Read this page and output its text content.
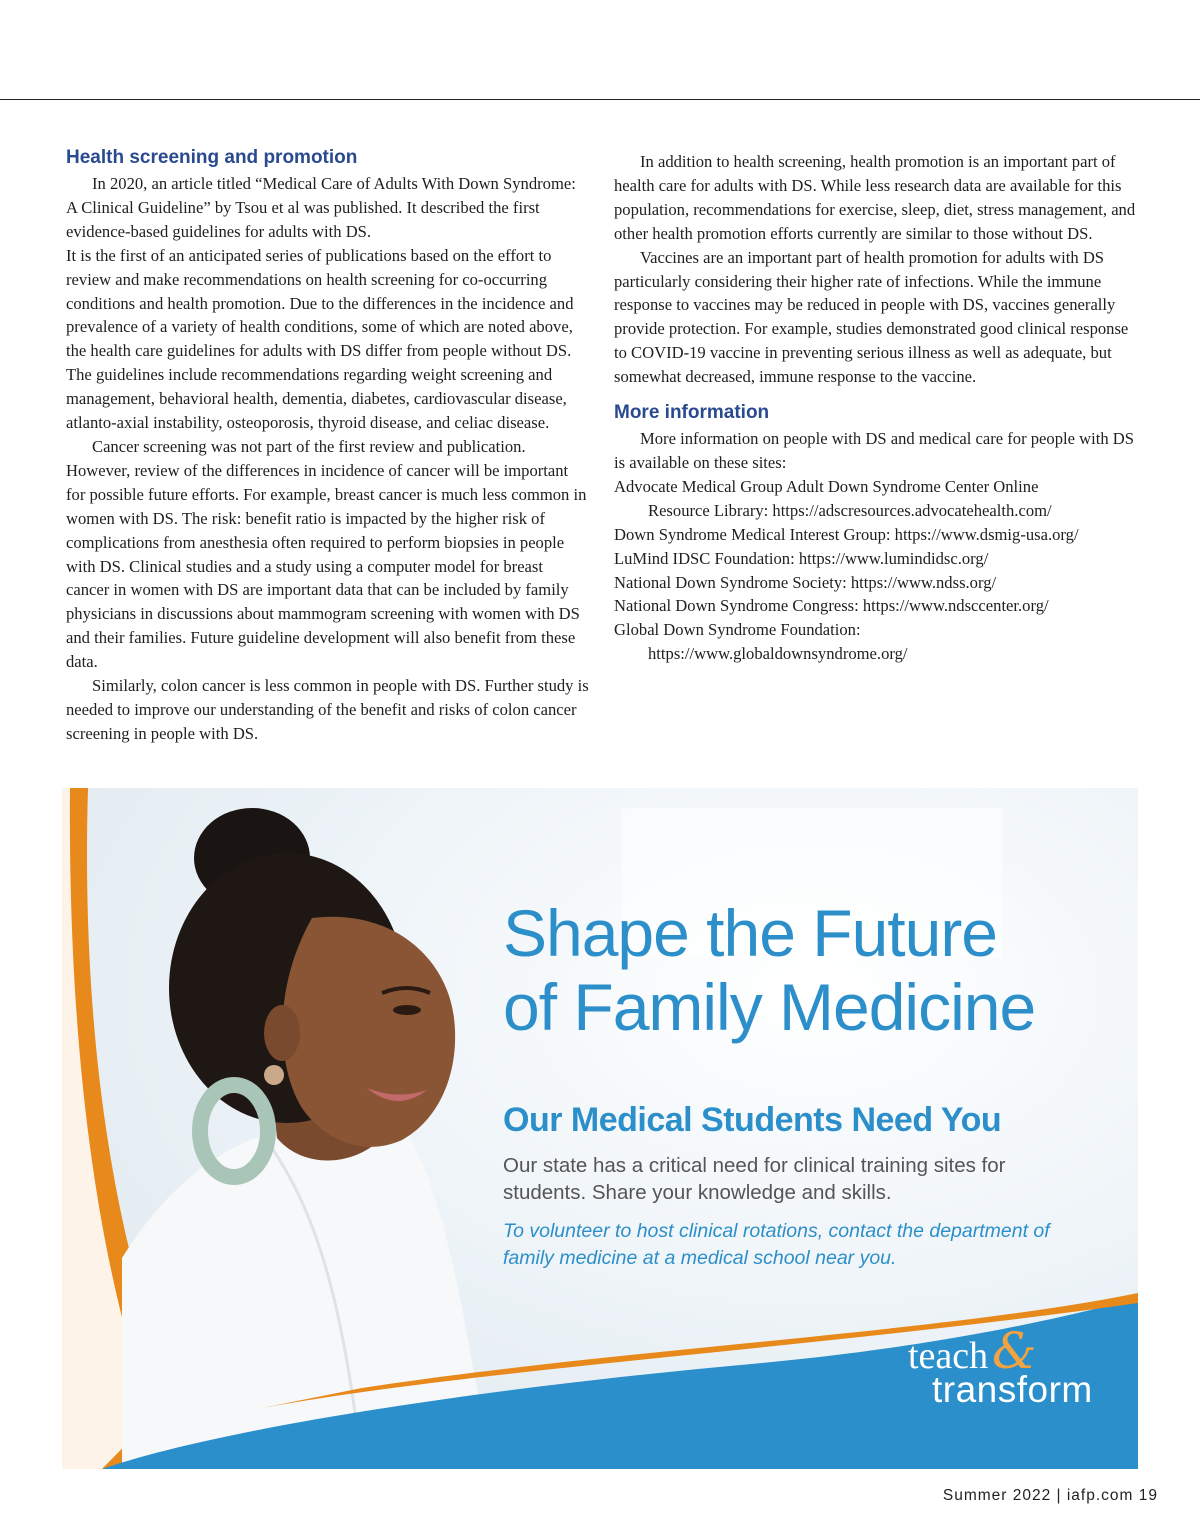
Health screening and promotion

In 2020, an article titled “Medical Care of Adults With Down Syndrome: A Clinical Guideline” by Tsou et al was published. It described the first evidence-based guidelines for adults with DS.

It is the first of an anticipated series of publications based on the effort to review and make recommendations on health screening for co-occurring conditions and health promotion. Due to the differences in the incidence and prevalence of a variety of health conditions, some of which are noted above, the health care guidelines for adults with DS differ from people without DS. The guidelines include recommendations regarding weight screening and management, behavioral health, dementia, diabetes, cardiovascular disease, atlanto-axial instability, osteoporosis, thyroid disease, and celiac disease.

Cancer screening was not part of the first review and publication. However, review of the differences in incidence of cancer will be important for possible future efforts. For example, breast cancer is much less common in women with DS. The risk: benefit ratio is impacted by the higher risk of complications from anesthesia often required to perform biopsies in people with DS. Clinical studies and a study using a computer model for breast cancer in women with DS are important data that can be included by family physicians in discussions about mammogram screening with women with DS and their families. Future guideline development will also benefit from these data.

Similarly, colon cancer is less common in people with DS. Further study is needed to improve our understanding of the benefit and risks of colon cancer screening in people with DS.

In addition to health screening, health promotion is an important part of health care for adults with DS. While less research data are available for this population, recommendations for exercise, sleep, diet, stress management, and other health promotion efforts currently are similar to those without DS.

Vaccines are an important part of health promotion for adults with DS particularly considering their higher rate of infections. While the immune response to vaccines may be reduced in people with DS, vaccines generally provide protection. For example, studies demonstrated good clinical response to COVID-19 vaccine in preventing serious illness as well as adequate, but somewhat decreased, immune response to the vaccine.

More information

More information on people with DS and medical care for people with DS is available on these sites:

Advocate Medical Group Adult Down Syndrome Center Online
Resource Library: https://adscresources.advocatehealth.com/

Down Syndrome Medical Interest Group: https://www.dsmig-usa.org/

LuMind IDSC Foundation: https://www.lumindidsc.org/

National Down Syndrome Society: https://www.ndss.org/

National Down Syndrome Congress: https://www.ndsccenter.org/

Global Down Syndrome Foundation:
https://www.globaldownsyndrome.org/

Shape the Future
of Family Medicine
Our Medical Students Need You

Our state has a critical need for clinical training sites for students. Share your knowledge and skills.

To volunteer to host clinical rotations, contact the department of family medicine at a medical school near you.

&
teach
transform
Summer 2022 | iafp.com 19
